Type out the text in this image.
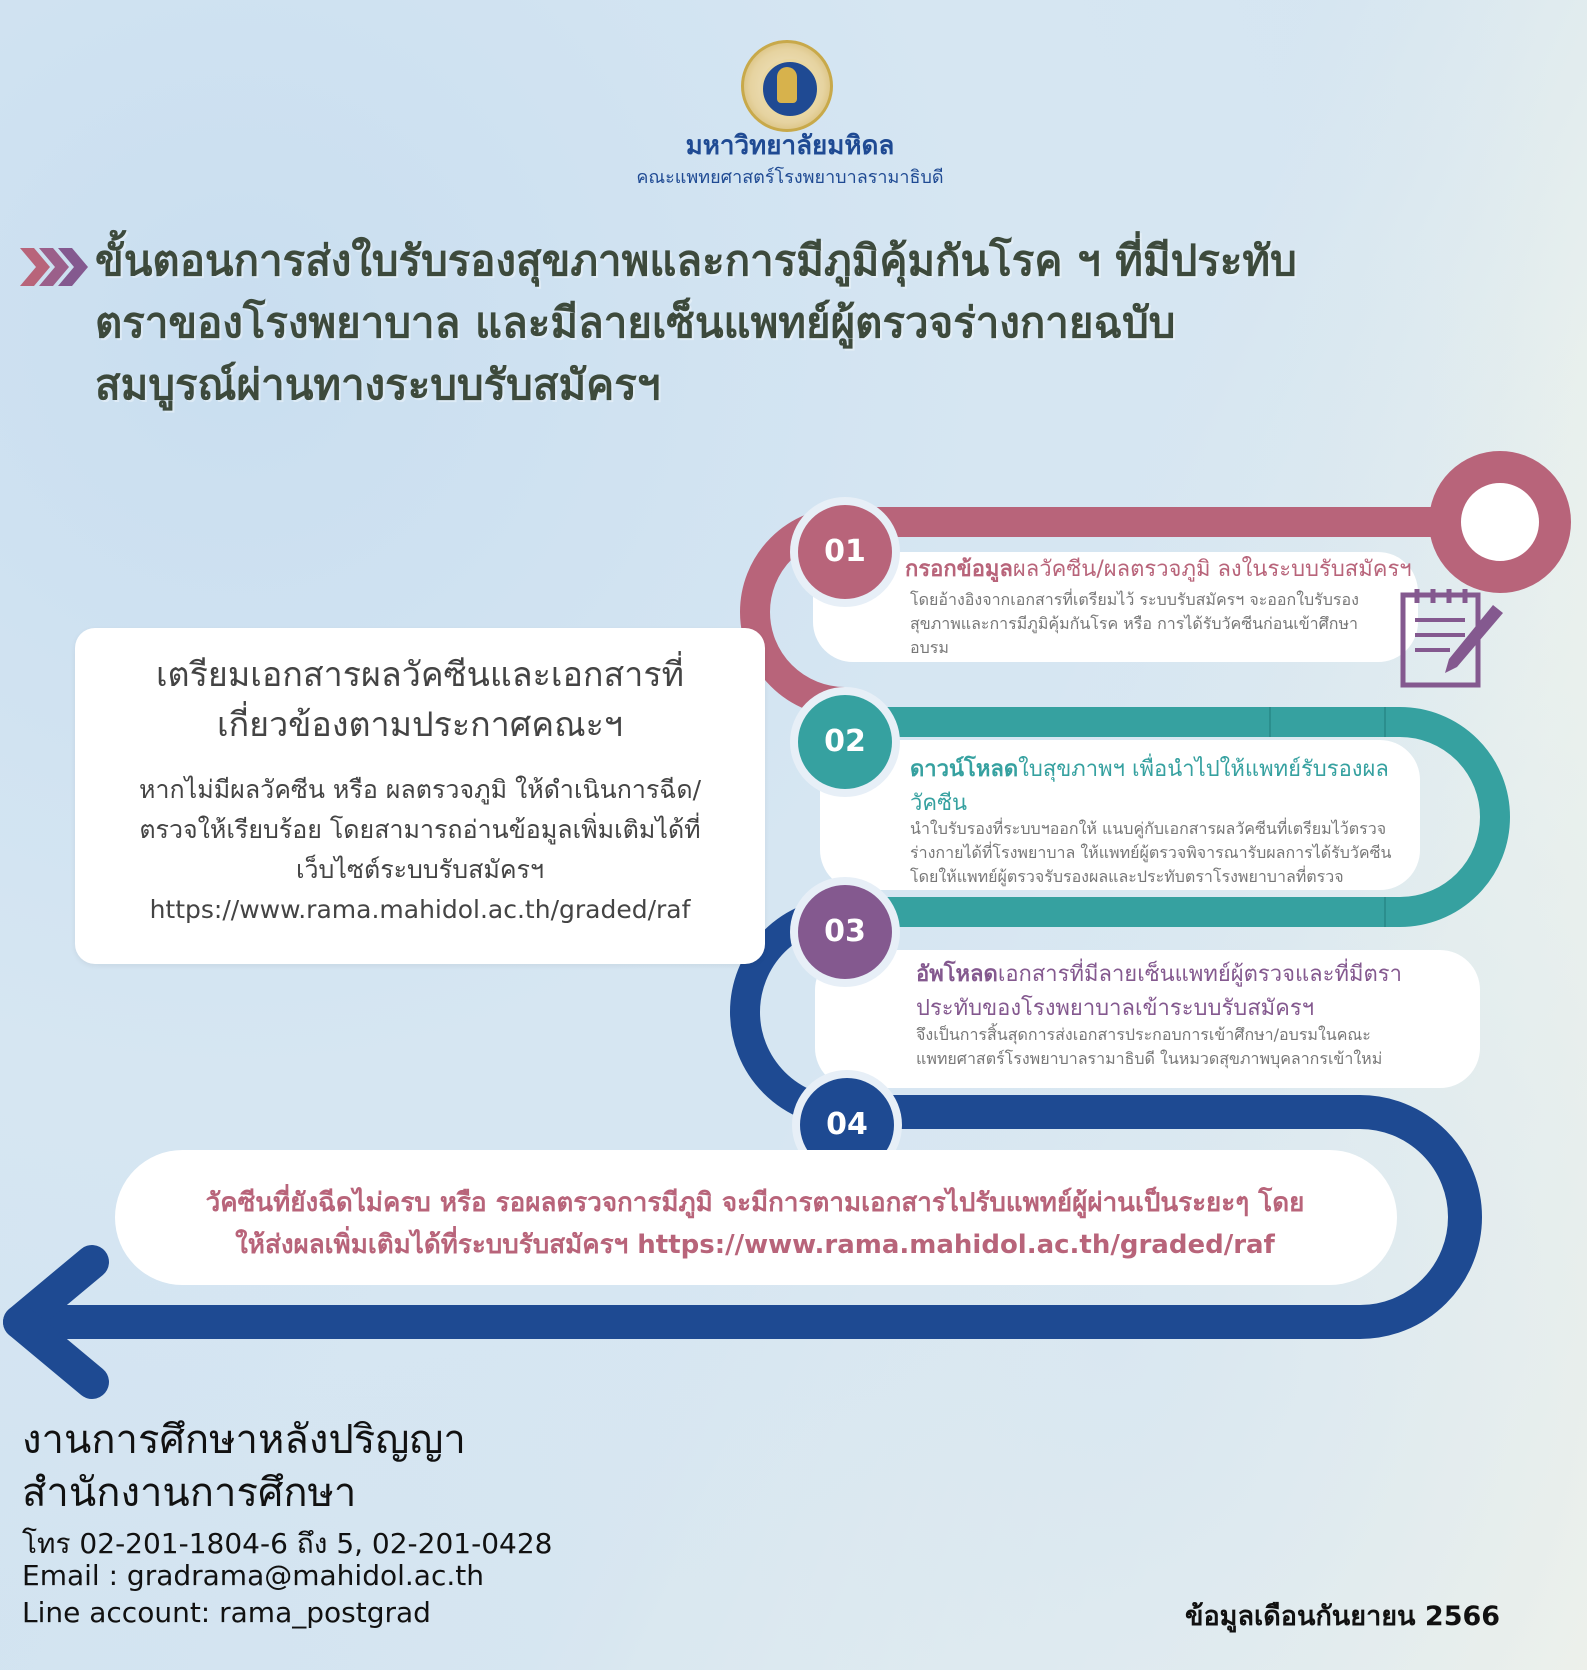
มหาวิทยาลัยมหิดล
คณะแพทยศาสตร์โรงพยาบาลรามาธิบดี
ขั้นตอนการส่งใบรับรองสุขภาพและการมีภูมิคุ้มกันโรค ฯ ที่มีประทับ
ตราของโรงพยาบาล และมีลายเซ็นแพทย์ผู้ตรวจร่างกายฉบับ
สมบูรณ์ผ่านทางระบบรับสมัครฯ
เตรียมเอกสารผลวัคซีนและเอกสารที่
เกี่ยวข้องตามประกาศคณะฯ
หากไม่มีผลวัคซีน หรือ ผลตรวจภูมิ ให้ดำเนินการฉีด/
ตรวจให้เรียบร้อย โดยสามารถอ่านข้อมูลเพิ่มเติมได้ที่
เว็บไซต์ระบบรับสมัครฯ
https://www.rama.mahidol.ac.th/graded/raf
01
กรอกข้อมูลผลวัคซีน/ผลตรวจภูมิ ลงในระบบรับสมัครฯ
โดยอ้างอิงจากเอกสารที่เตรียมไว้ ระบบรับสมัครฯ จะออกใบรับรอง
สุขภาพและการมีภูมิคุ้มกันโรค หรือ การได้รับวัคซีนก่อนเข้าศึกษา
อบรม
02
ดาวน์โหลดใบสุขภาพฯ เพื่อนำไปให้แพทย์รับรองผล
วัคซีน
นำใบรับรองที่ระบบฯออกให้ แนบคู่กับเอกสารผลวัคซีนที่เตรียมไว้ตรวจ
ร่างกายได้ที่โรงพยาบาล ให้แพทย์ผู้ตรวจพิจารณารับผลการได้รับวัคซีน
โดยให้แพทย์ผู้ตรวจรับรองผลและประทับตราโรงพยาบาลที่ตรวจ
03
อัพโหลดเอกสารที่มีลายเซ็นแพทย์ผู้ตรวจและที่มีตรา
ประทับของโรงพยาบาลเข้าระบบรับสมัครฯ
จึงเป็นการสิ้นสุดการส่งเอกสารประกอบการเข้าศึกษา/อบรมในคณะ
แพทยศาสตร์โรงพยาบาลรามาธิบดี ในหมวดสุขภาพบุคลากรเข้าใหม่
04
วัคซีนที่ยังฉีดไม่ครบ หรือ รอผลตรวจการมีภูมิ จะมีการตามเอกสารไปรับแพทย์ผู้ผ่านเป็นระยะๆ โดย
ให้ส่งผลเพิ่มเติมได้ที่ระบบรับสมัครฯ https://www.rama.mahidol.ac.th/graded/raf
งานการศึกษาหลังปริญญา
สำนักงานการศึกษา
โทร 02-201-1804-6 ถึง 5, 02-201-0428
Email : gradrama@mahidol.ac.th
Line account: rama_postgrad	ข้อมูลเดือนกันยายน 2566
